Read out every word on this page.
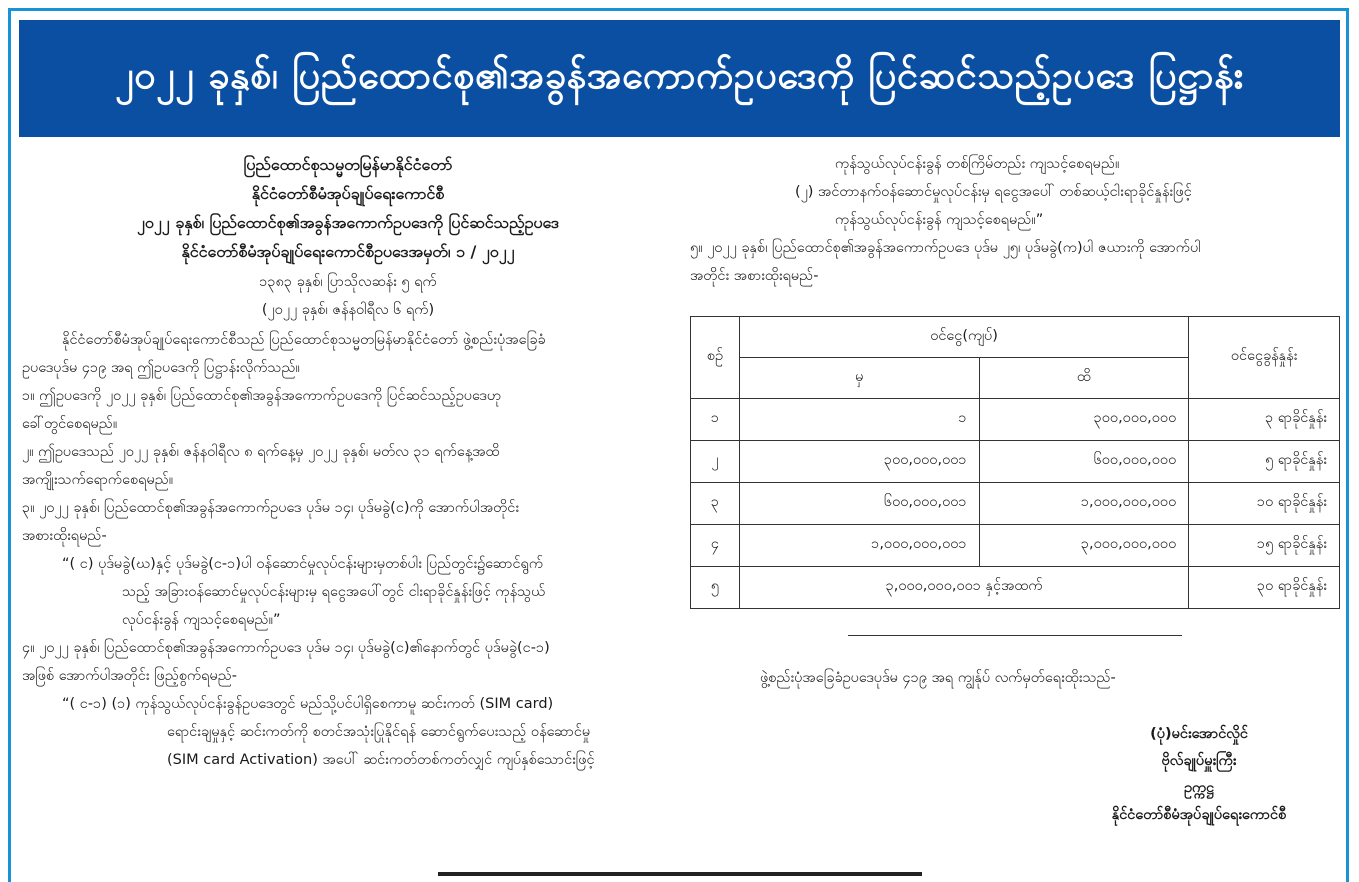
၂၀၂၂ ခုနှစ်၊ ပြည်ထောင်စု၏အခွန်အကောက်ဥပဒေကို ပြင်ဆင်သည့်ဥပဒေ ပြဋ္ဌာန်း
ပြည်ထောင်စုသမ္မတမြန်မာနိုင်ငံတော်
နိုင်ငံတော်စီမံအုပ်ချုပ်ရေးကောင်စီ
၂၀၂၂ ခုနှစ်၊ ပြည်ထောင်စု၏အခွန်အကောက်ဥပဒေကို ပြင်ဆင်သည့်ဥပဒေ
နိုင်ငံတော်စီမံအုပ်ချုပ်ရေးကောင်စီဥပဒေအမှတ်၊ ၁ / ၂၀၂၂
၁၃၈၃ ခုနှစ်၊ ပြာသိုလဆန်း ၅ ရက်
(၂၀၂၂ ခုနှစ်၊ ဇန်နဝါရီလ ၆ ရက်)
နိုင်ငံတော်စီမံအုပ်ချုပ်ရေးကောင်စီသည် ပြည်ထောင်စုသမ္မတမြန်မာနိုင်ငံတော် ဖွဲ့စည်းပုံအခြေခံ
ဥပဒေပုဒ်မ ၄၁၉ အရ ဤဥပဒေကို ပြဋ္ဌာန်းလိုက်သည်။
၁။ ဤဥပဒေကို ၂၀၂၂ ခုနှစ်၊ ပြည်ထောင်စု၏အခွန်အကောက်ဥပဒေကို ပြင်ဆင်သည့်ဥပဒေဟု
ခေါ်တွင်စေရမည်။
၂။ ဤဥပဒေသည် ၂၀၂၂ ခုနှစ်၊ ဇန်နဝါရီလ ၈ ရက်နေ့မှ ၂၀၂၂ ခုနှစ်၊ မတ်လ ၃၁ ရက်နေ့အထိ
အကျိုးသက်ရောက်စေရမည်။
၃။ ၂၀၂၂ ခုနှစ်၊ ပြည်ထောင်စု၏အခွန်အကောက်ဥပဒေ ပုဒ်မ ၁၄၊ ပုဒ်မခွဲ(င)ကို အောက်ပါအတိုင်း
အစားထိုးရမည်-
“( င) ပုဒ်မခွဲ(ဃ)နှင့် ပုဒ်မခွဲ(င-၁)ပါ ဝန်ဆောင်မှုလုပ်ငန်းများမှတစ်ပါး ပြည်တွင်း၌ဆောင်ရွက်
သည့် အခြားဝန်ဆောင်မှုလုပ်ငန်းများမှ ရငွေအပေါ်တွင် ငါးရာခိုင်နှုန်းဖြင့် ကုန်သွယ်
လုပ်ငန်းခွန် ကျသင့်စေရမည်။”
၄။ ၂၀၂၂ ခုနှစ်၊ ပြည်ထောင်စု၏အခွန်အကောက်ဥပဒေ ပုဒ်မ ၁၄၊ ပုဒ်မခွဲ(င)၏နောက်တွင် ပုဒ်မခွဲ(င-၁)
အဖြစ် အောက်ပါအတိုင်း ဖြည့်စွက်ရမည်-
“( င-၁) (၁) ကုန်သွယ်လုပ်ငန်းခွန်ဥပဒေတွင် မည်သို့ပင်ပါရှိစေကာမူ ဆင်းကတ် (SIM card)
ရောင်းချမှုနှင့် ဆင်းကတ်ကို စတင်အသုံးပြုနိုင်ရန် ဆောင်ရွက်ပေးသည့် ဝန်ဆောင်မှု
(SIM card Activation) အပေါ် ဆင်းကတ်တစ်ကတ်လျှင် ကျပ်နှစ်သောင်းဖြင့်
ကုန်သွယ်လုပ်ငန်းခွန် တစ်ကြိမ်တည်း ကျသင့်စေရမည်။
(၂) အင်တာနက်ဝန်ဆောင်မှုလုပ်ငန်းမှ ရငွေအပေါ် တစ်ဆယ့်ငါးရာခိုင်နှုန်းဖြင့်
ကုန်သွယ်လုပ်ငန်းခွန် ကျသင့်စေရမည်။”
၅။ ၂၀၂၂ ခုနှစ်၊ ပြည်ထောင်စု၏အခွန်အကောက်ဥပဒေ ပုဒ်မ ၂၅၊ ပုဒ်မခွဲ(က)ပါ ဇယားကို အောက်ပါ
အတိုင်း အစားထိုးရမည်-
စဉ်	ဝင်ငွေ(ကျပ်)		ဝင်ငွေခွန်နှုန်း
	မှ	ထိ	
၁	၁	၃၀၀,၀၀၀,၀၀၀	၃ ရာခိုင်နှုန်း
၂	၃၀၀,၀၀၀,၀၀၁	၆၀၀,၀၀၀,၀၀၀	၅ ရာခိုင်နှုန်း
၃	၆၀၀,၀၀၀,၀၀၁	၁,၀၀၀,၀၀၀,၀၀၀	၁၀ ရာခိုင်နှုန်း
၄	၁,၀၀၀,၀၀၀,၀၀၁	၃,၀၀၀,၀၀၀,၀၀၀	၁၅ ရာခိုင်နှုန်း
၅	၃,၀၀၀,၀၀၀,၀၀၁ နှင့်အထက်		၃၀ ရာခိုင်နှုန်း
ဖွဲ့စည်းပုံအခြေခံဥပဒေပုဒ်မ ၄၁၉ အရ ကျွန်ုပ် လက်မှတ်ရေးထိုးသည်-
(ပုံ)မင်းအောင်လှိုင်
ဗိုလ်ချုပ်မှူးကြီး
ဥက္ကဋ္ဌ
နိုင်ငံတော်စီမံအုပ်ချုပ်ရေးကောင်စီ
